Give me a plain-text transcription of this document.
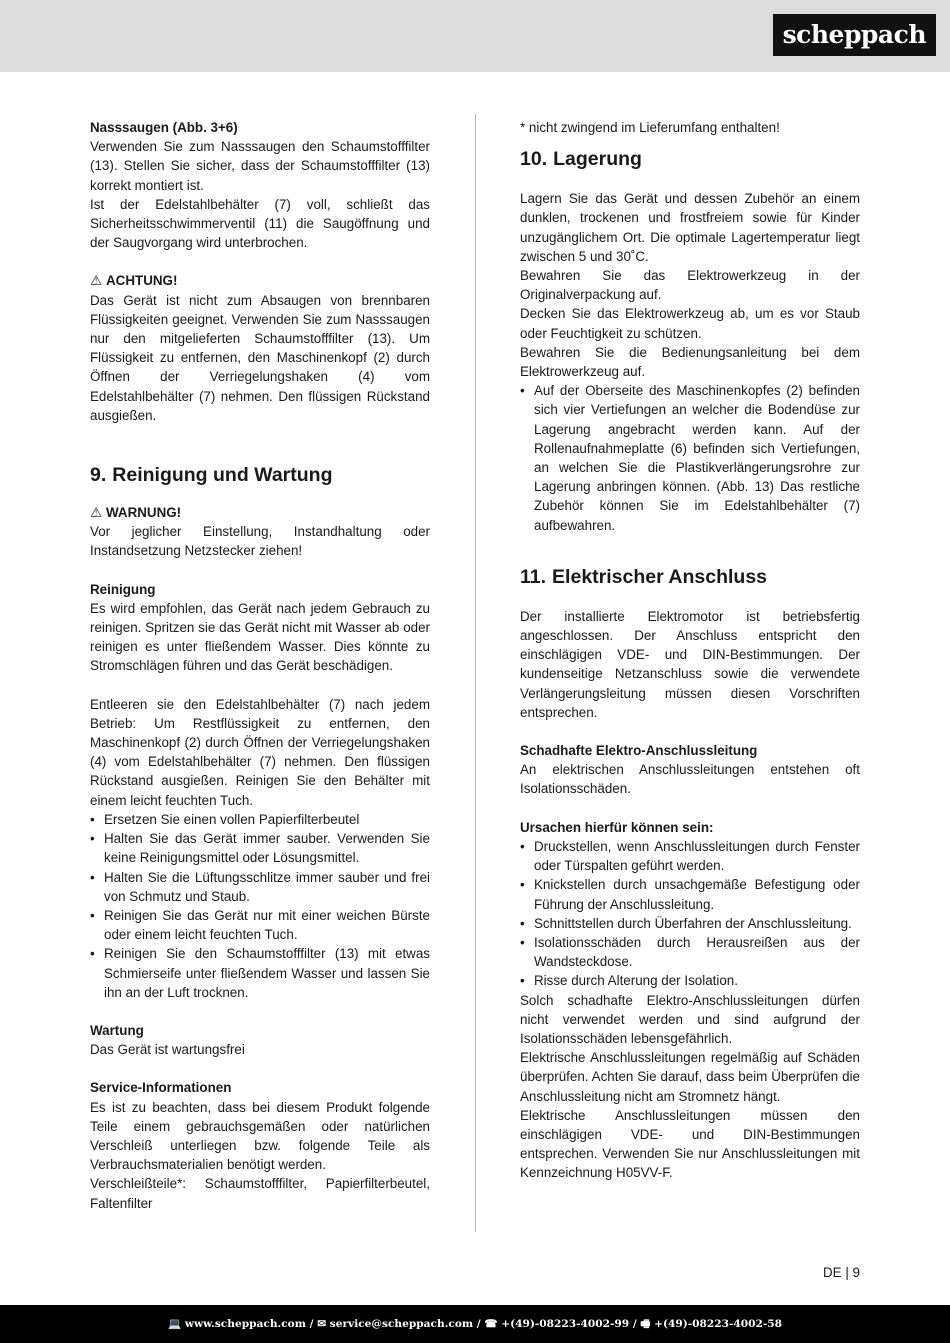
scheppach

Nasssaugen (Abb. 3+6)

Verwenden Sie zum Nasssaugen den Schaumstofffilter (13). Stellen Sie sicher, dass der Schaumstofffilter (13) korrekt montiert ist.

Ist der Edelstahlbehälter (7) voll, schließt das Sicherheitsschwimmerventil (11) die Saugöffnung und der Saugvorgang wird unterbrochen.

⚠ ACHTUNG!

Das Gerät ist nicht zum Absaugen von brennbaren Flüssigkeiten geeignet. Verwenden Sie zum Nasssaugen nur den mitgelieferten Schaumstofffilter (13). Um Flüssigkeit zu entfernen, den Maschinenkopf (2) durch Öffnen der Verriegelungshaken (4) vom Edelstahlbehälter (7) nehmen. Den flüssigen Rückstand ausgießen.

9. Reinigung und Wartung

⚠ WARNUNG!

Vor jeglicher Einstellung, Instandhaltung oder Instandsetzung Netzstecker ziehen!

Reinigung

Es wird empfohlen, das Gerät nach jedem Gebrauch zu reinigen. Spritzen sie das Gerät nicht mit Wasser ab oder reinigen es unter fließendem Wasser. Dies könnte zu Stromschlägen führen und das Gerät beschädigen.

Entleeren sie den Edelstahlbehälter (7) nach jedem Betrieb: Um Restflüssigkeit zu entfernen, den Maschinenkopf (2) durch Öffnen der Verriegelungshaken (4) vom Edelstahlbehälter (7) nehmen. Den flüssigen Rückstand ausgießen. Reinigen Sie den Behälter mit einem leicht feuchten Tuch.

• Ersetzen Sie einen vollen Papierfilterbeutel
• Halten Sie das Gerät immer sauber. Verwenden Sie keine Reinigungsmittel oder Lösungsmittel.
• Halten Sie die Lüftungsschlitze immer sauber und frei von Schmutz und Staub.
• Reinigen Sie das Gerät nur mit einer weichen Bürste oder einem leicht feuchten Tuch.
• Reinigen Sie den Schaumstofffilter (13) mit etwas Schmierseife unter fließendem Wasser und lassen Sie ihn an der Luft trocknen.

Wartung

Das Gerät ist wartungsfrei

Service-Informationen

Es ist zu beachten, dass bei diesem Produkt folgende Teile einem gebrauchsgemäßen oder natürlichen Verschleiß unterliegen bzw. folgende Teile als Verbrauchsmaterialien benötigt werden.

Verschleißteile*: Schaumstofffilter, Papierfilterbeutel, Faltenfilter

* nicht zwingend im Lieferumfang enthalten!

10. Lagerung

Lagern Sie das Gerät und dessen Zubehör an einem dunklen, trockenen und frostfreiem sowie für Kinder unzugänglichem Ort. Die optimale Lagertemperatur liegt zwischen 5 und 30˚C.

Bewahren Sie das Elektrowerkzeug in der Originalverpackung auf.

Decken Sie das Elektrowerkzeug ab, um es vor Staub oder Feuchtigkeit zu schützen.

Bewahren Sie die Bedienungsanleitung bei dem Elektrowerkzeug auf.

• Auf der Oberseite des Maschinenkopfes (2) befinden sich vier Vertiefungen an welcher die Bodendüse zur Lagerung angebracht werden kann. Auf der Rollenaufnahmeplatte (6) befinden sich Vertiefungen, an welchen Sie die Plastikverlängerungsrohre zur Lagerung anbringen können. (Abb. 13) Das restliche Zubehör können Sie im Edelstahlbehälter (7) aufbewahren.
11. Elektrischer Anschluss

Der installierte Elektromotor ist betriebsfertig angeschlossen. Der Anschluss entspricht den einschlägigen VDE- und DIN-Bestimmungen. Der kundenseitige Netzanschluss sowie die verwendete Verlängerungsleitung müssen diesen Vorschriften entsprechen.

Schadhafte Elektro-Anschlussleitung

An elektrischen Anschlussleitungen entstehen oft Isolationsschäden.

Ursachen hierfür können sein:

• Druckstellen, wenn Anschlussleitungen durch Fenster oder Türspalten geführt werden.
• Knickstellen durch unsachgemäße Befestigung oder Führung der Anschlussleitung.
• Schnittstellen durch Überfahren der Anschlussleitung.
• Isolationsschäden durch Herausreißen aus der Wandsteckdose.
• Risse durch Alterung der Isolation.

Solch schadhafte Elektro-Anschlussleitungen dürfen nicht verwendet werden und sind aufgrund der Isolationsschäden lebensgefährlich.

Elektrische Anschlussleitungen regelmäßig auf Schäden überprüfen. Achten Sie darauf, dass beim Überprüfen die Anschlussleitung nicht am Stromnetz hängt.

Elektrische Anschlussleitungen müssen den einschlägigen VDE- und DIN-Bestimmungen entsprechen. Verwenden Sie nur Anschlussleitungen mit Kennzeichnung H05VV-F.

DE | 9
💻 www.scheppach.com / ✉ service@scheppach.com / ☎ +(49)-08223-4002-99 / 🖷 +(49)-08223-4002-58
